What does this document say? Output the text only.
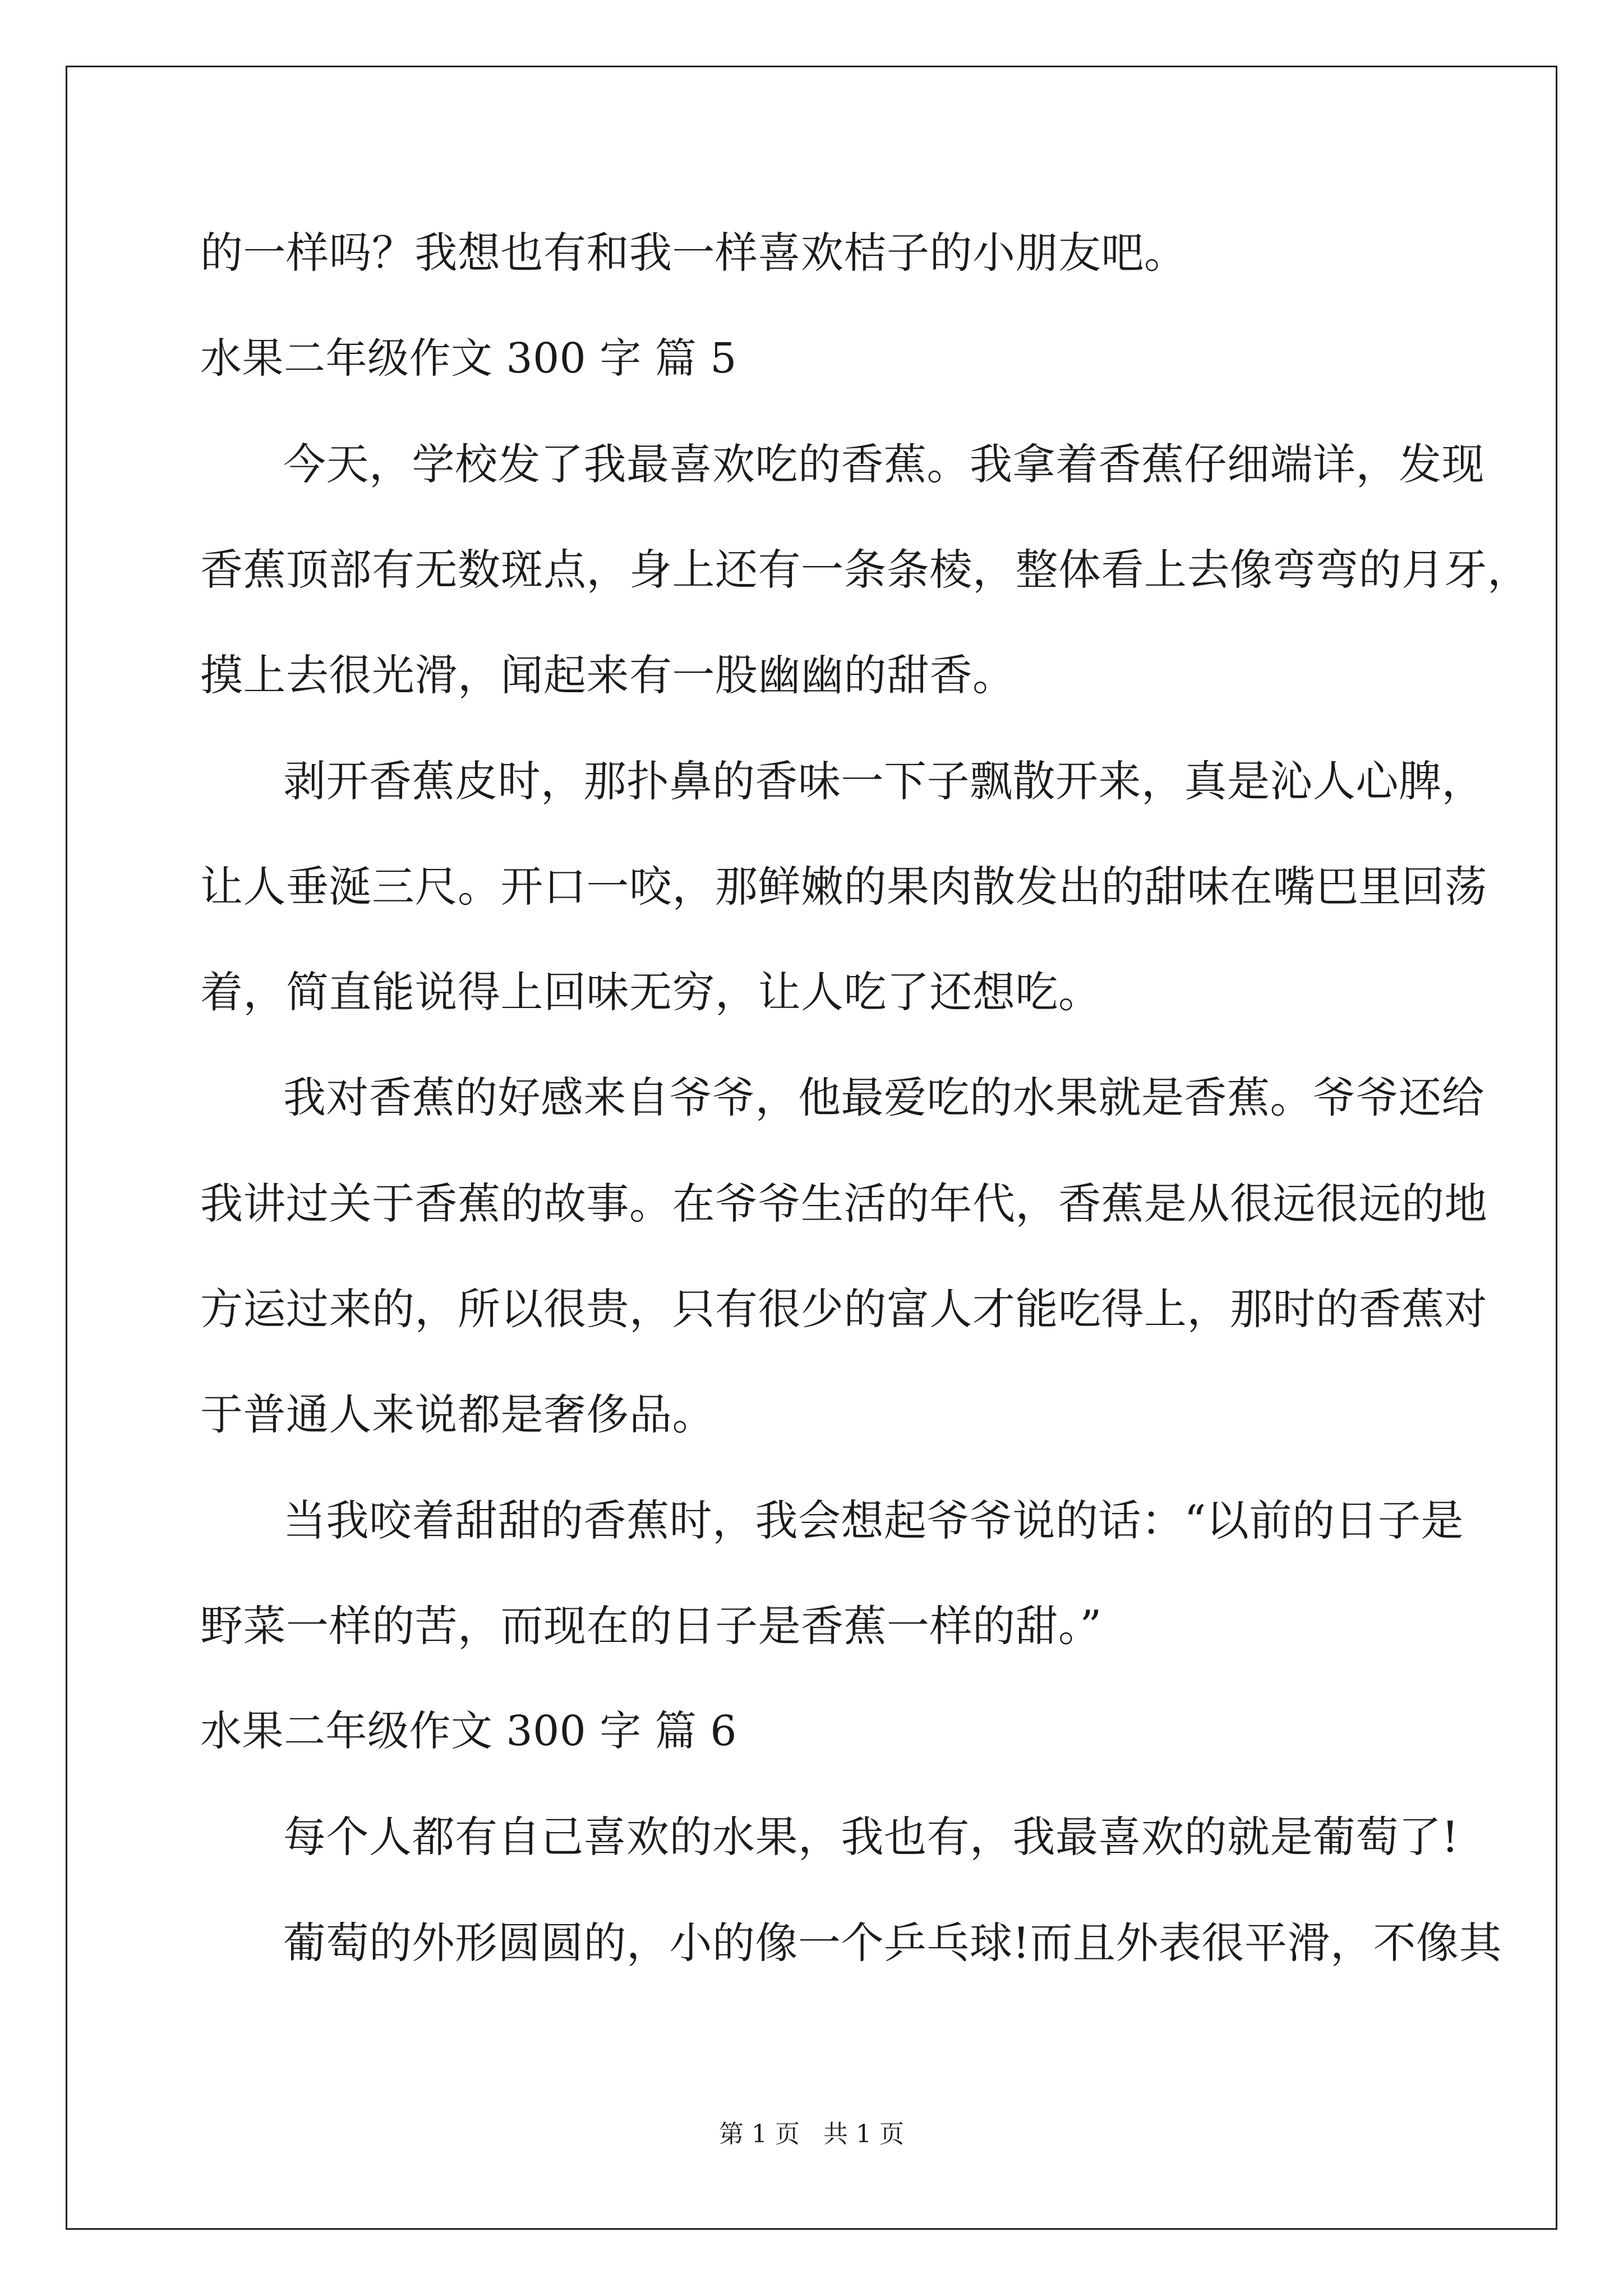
的一样吗？我想也有和我一样喜欢桔子的小朋友吧。

水果二年级作文 300 字 篇 5

今天，学校发了我最喜欢吃的香蕉。我拿着香蕉仔细端详，发现

香蕉顶部有无数斑点，身上还有一条条棱，整体看上去像弯弯的月牙，

摸上去很光滑，闻起来有一股幽幽的甜香。

剥开香蕉皮时，那扑鼻的香味一下子飘散开来，真是沁人心脾，

让人垂涎三尺。开口一咬，那鲜嫩的果肉散发出的甜味在嘴巴里回荡

着，简直能说得上回味无穷，让人吃了还想吃。

我对香蕉的好感来自爷爷，他最爱吃的水果就是香蕉。爷爷还给

我讲过关于香蕉的故事。在爷爷生活的年代，香蕉是从很远很远的地

方运过来的，所以很贵，只有很少的富人才能吃得上，那时的香蕉对

于普通人来说都是奢侈品。

当我咬着甜甜的香蕉时，我会想起爷爷说的话：“以前的日子是

野菜一样的苦，而现在的日子是香蕉一样的甜。”

水果二年级作文 300 字 篇 6

每个人都有自己喜欢的水果，我也有，我最喜欢的就是葡萄了!

葡萄的外形圆圆的，小的像一个乒乓球!而且外表很平滑，不像其

第 1 页   共 1 页
